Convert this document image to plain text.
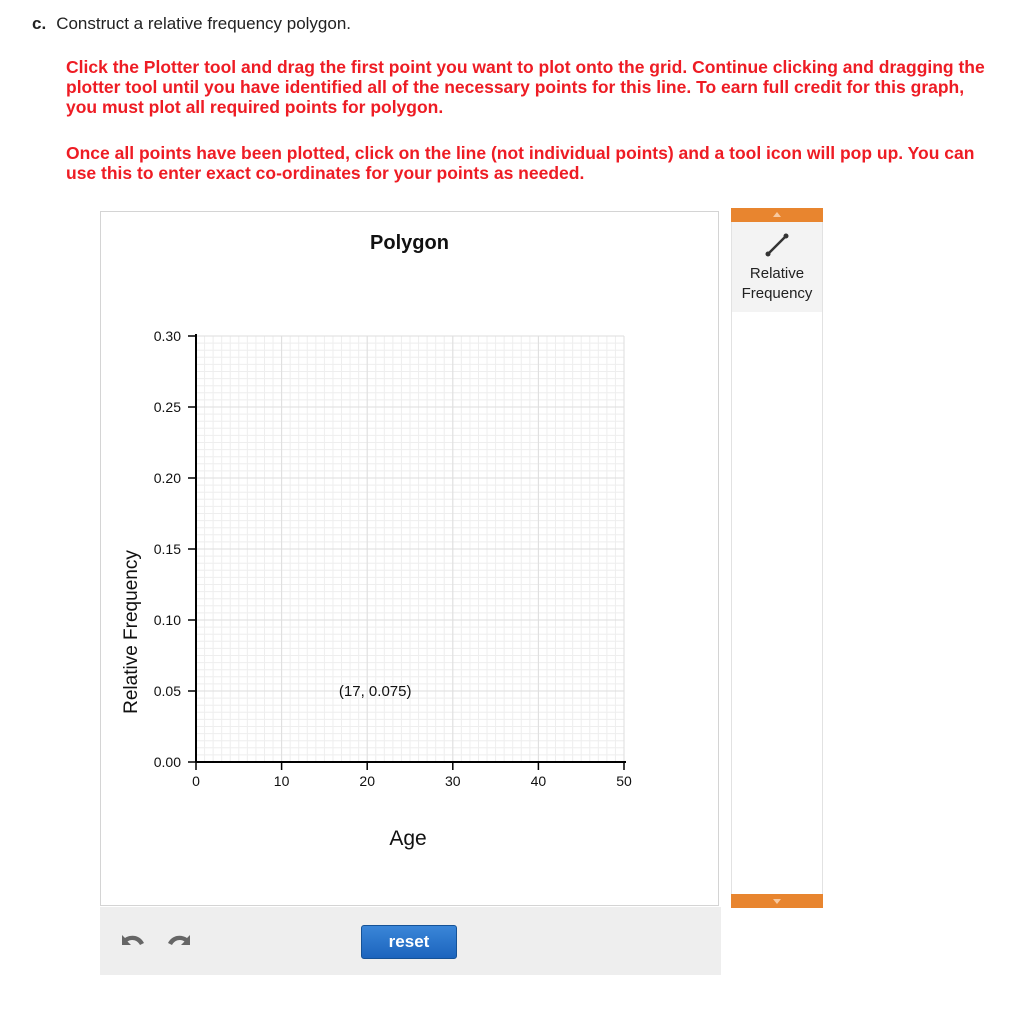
c. Construct a relative frequency polygon.
Click the Plotter tool and drag the first point you want to plot onto the grid. Continue clicking and dragging the plotter tool until you have identified all of the necessary points for this line. To earn full credit for this graph, you must plot all required points for polygon.
Once all points have been plotted, click on the line (not individual points) and a tool icon will pop up. You can use this to enter exact co-ordinates for your points as needed.
Polygon
0.00
0.05
0.10
0.15
0.20
0.25
0.30
0	10	20	30	40	50
(17, 0.075)
Relative Frequency
Age
reset
Relative Frequency
